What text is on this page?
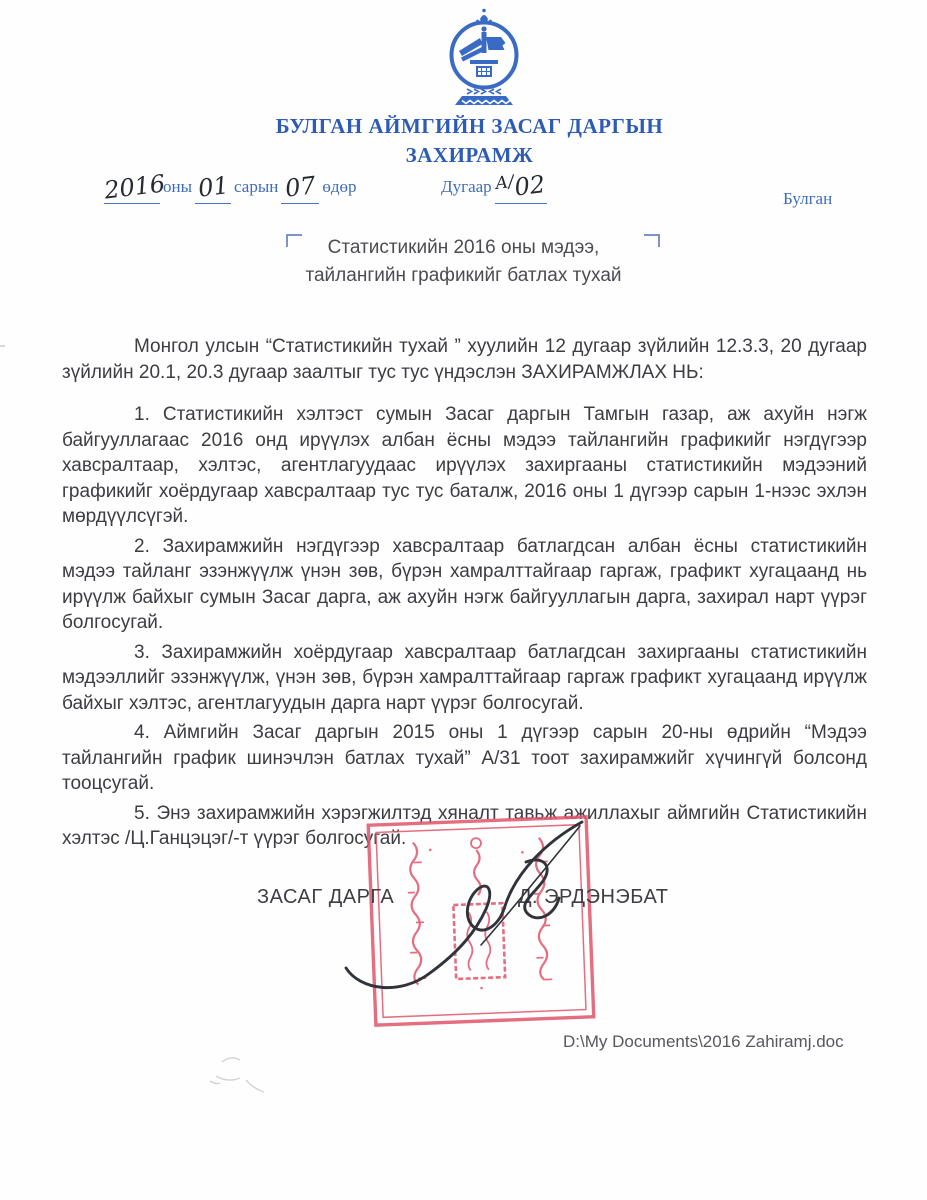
БУЛГАН АЙМГИЙН ЗАСАГ ДАРГЫН
ЗАХИРАМЖ
2016оны 01 сарын 07 өдөр	Дугаар $^{А/}$02	Булган
Статистикийн 2016 оны мэдээ,
тайлангийн графикийг батлах тухай

Монгол улсын “Статистикийн тухай ” хуулийн 12 дугаар зүйлийн 12.3.3, 20 дугаар зүйлийн 20.1, 20.3 дугаар заалтыг тус тус үндэслэн ЗАХИРАМЖЛАХ НЬ:

1. Статистикийн хэлтэст сумын Засаг даргын Тамгын газар, аж ахуйн нэгж байгууллагаас 2016 онд ирүүлэх албан ёсны мэдээ тайлангийн графикийг нэгдүгээр хавсралтаар, хэлтэс, агентлагуудаас ирүүлэх захиргааны статистикийн мэдээний графикийг хоёрдугаар хавсралтаар тус тус баталж, 2016 оны 1 дүгээр сарын 1-нээс эхлэн мөрдүүлсүгэй.

2. Захирамжийн нэгдүгээр хавсралтаар батлагдсан албан ёсны статистикийн мэдээ тайланг эзэнжүүлж үнэн зөв, бүрэн хамралттайгаар гаргаж, графикт хугацаанд нь ирүүлж байхыг сумын Засаг дарга, аж ахуйн нэгж байгууллагын дарга, захирал нарт үүрэг болгосугай.

3. Захирамжийн хоёрдугаар хавсралтаар батлагдсан захиргааны статистикийн мэдээллийг эзэнжүүлж, үнэн зөв, бүрэн хамралттайгаар гаргаж графикт хугацаанд ирүүлж байхыг хэлтэс, агентлагуудын дарга нарт үүрэг болгосугай.

4. Аймгийн Засаг даргын 2015 оны 1 дүгээр сарын 20-ны өдрийн “Мэдээ тайлангийн график шинэчлэн батлах тухай” А/31 тоот захирамжийг хүчингүй болсонд тооцсугай.

5. Энэ захирамжийн хэрэгжилтэд хяналт тавьж ажиллахыг аймгийн Статистикийн хэлтэс /Ц.Ганцэцэг/-т үүрэг болгосугай.

ЗАСАГ ДАРГА	Д. ЭРДЭНЭБАТ
D:\My Documents\2016 Zahiramj.doc
